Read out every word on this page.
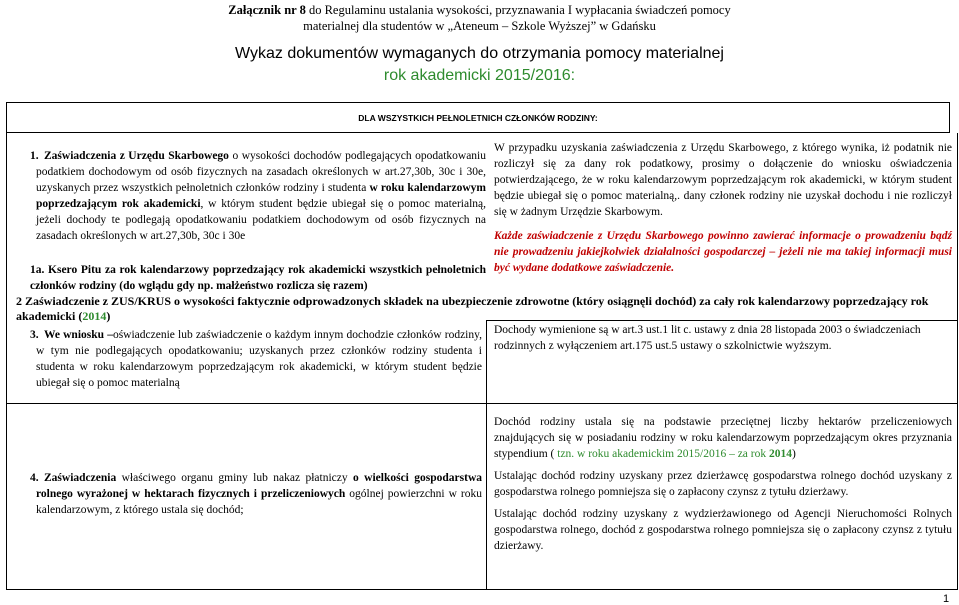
Załącznik nr 8 do Regulaminu ustalania wysokości, przyznawania I wypłacania świadczeń pomocy
materialnej dla studentów w „Ateneum – Szkole Wyższej” w Gdańsku
Wykaz dokumentów wymaganych do otrzymania pomocy materialnej
rok akademicki 2015/2016:
DLA WSZYSTKICH PEŁNOLETNICH CZŁONKÓW RODZINY:
1. Zaświadczenia z Urzędu Skarbowego o wysokości dochodów podlegających opodatkowaniu podatkiem dochodowym od osób fizycznych na zasadach określonych w art.27,30b, 30c i 30e, uzyskanych przez wszystkich pełnoletnich członków rodziny i studenta w roku kalendarzowym poprzedzającym rok akademicki, w którym student będzie ubiegał się o pomoc materialną, jeżeli dochody te podlegają opodatkowaniu podatkiem dochodowym od osób fizycznych na zasadach określonych w art.27,30b, 30c i 30e
1a. Ksero Pitu za rok kalendarzowy poprzedzający rok akademicki wszystkich pełnoletnich członków rodziny (do wglądu gdy np. małżeństwo rozlicza się razem)
W przypadku uzyskania zaświadczenia z Urzędu Skarbowego, z którego wynika, iż podatnik nie rozliczył się za dany rok podatkowy, prosimy o dołączenie do wniosku oświadczenia potwierdzającego, że w roku kalendarzowym poprzedzającym rok akademicki, w którym student będzie ubiegał się o pomoc materialną,. dany członek rodziny nie uzyskał dochodu i nie rozliczył się w żadnym Urzędzie Skarbowym.
Każde zaświadczenie z Urzędu Skarbowego powinno zawierać informacje o prowadzeniu bądź nie prowadzeniu jakiejkolwiek działalności gospodarczej – jeżeli nie ma takiej informacji musi być wydane dodatkowe zaświadczenie.
2 Zaświadczenie z ZUS/KRUS o wysokości faktycznie odprowadzonych składek na ubezpieczenie zdrowotne (który osiągnęli dochód) za cały rok kalendarzowy poprzedzający rok akademicki (2014)
Dochody wymienione są w art.3 ust.1 lit c. ustawy z dnia 28 listopada 2003 o świadczeniach rodzinnych z wyłączeniem art.175 ust.5 ustawy o szkolnictwie wyższym.
3. We wniosku –oświadczenie lub zaświadczenie o każdym innym dochodzie członków rodziny, w tym nie podlegających opodatkowaniu; uzyskanych przez członków rodziny studenta i studenta w roku kalendarzowym poprzedzającym rok akademicki, w którym student będzie ubiegał się o pomoc materialną
4. Zaświadczenia właściwego organu gminy lub nakaz płatniczy o wielkości gospodarstwa rolnego wyrażonej w hektarach fizycznych i przeliczeniowych ogólnej powierzchni w roku kalendarzowym, z którego ustala się dochód;
Dochód rodziny ustala się na podstawie przeciętnej liczby hektarów przeliczeniowych znajdujących się w posiadaniu rodziny w roku kalendarzowym poprzedzającym okres przyznania stypendium ( tzn. w roku akademickim 2015/2016 – za rok 2014)
Ustalając dochód rodziny uzyskany przez dzierżawcę gospodarstwa rolnego dochód uzyskany z gospodarstwa rolnego pomniejsza się o zapłacony czynsz z tytułu dzierżawy.
Ustalając dochód rodziny uzyskany z wydzierżawionego od Agencji Nieruchomości Rolnych gospodarstwa rolnego, dochód z gospodarstwa rolnego pomniejsza się o zapłacony czynsz z tytułu dzierżawy.
1
